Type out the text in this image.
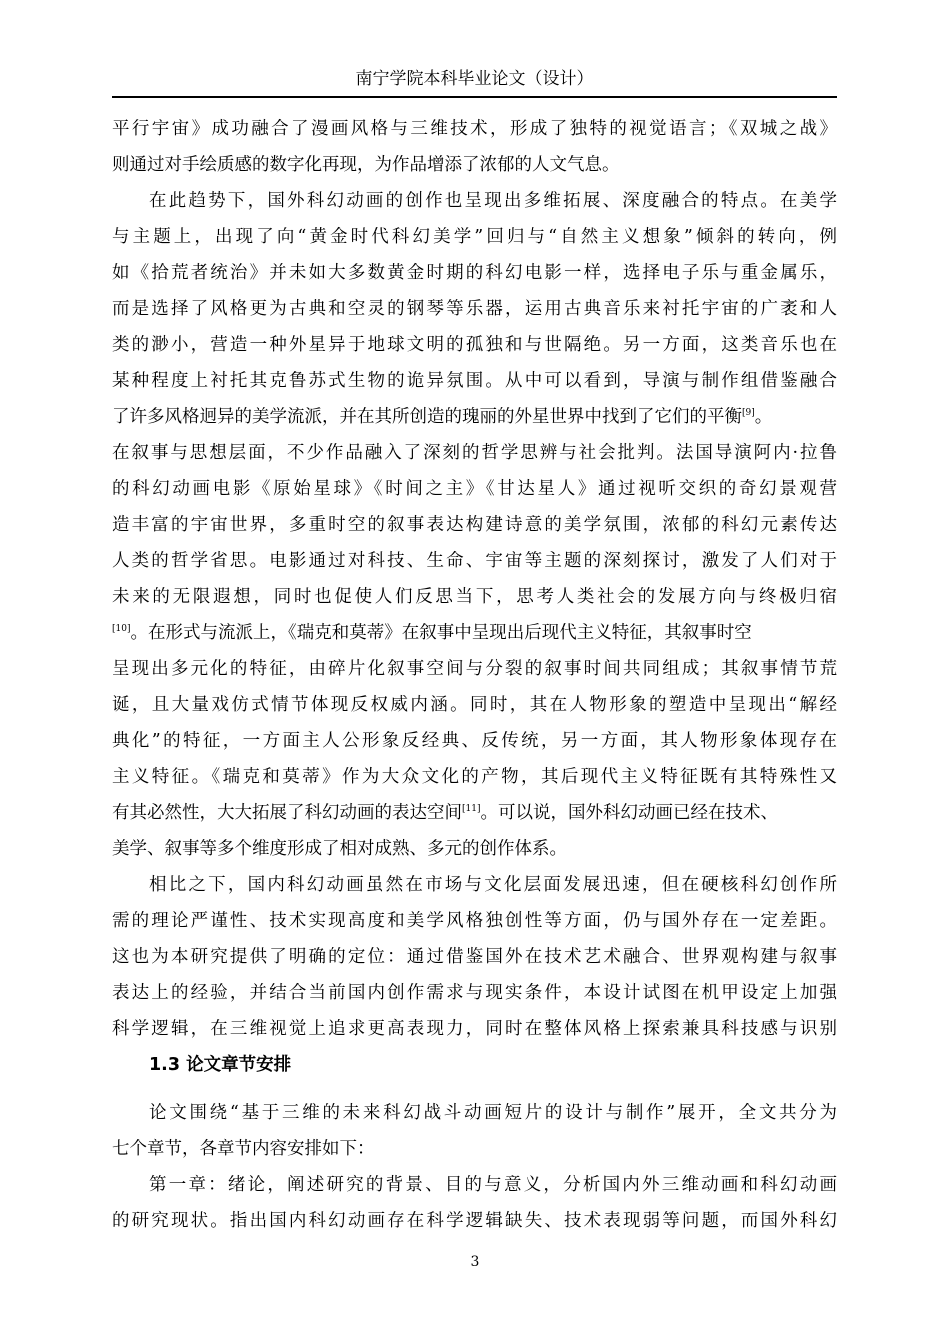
南宁学院本科毕业论文（设计）
平行宇宙》成功融合了漫画风格与三维技术，形成了独特的视觉语言；《双城之战》
则通过对手绘质感的数字化再现，为作品增添了浓郁的人文气息。
在此趋势下，国外科幻动画的创作也呈现出多维拓展、深度融合的特点。在美学
与主题上，出现了向“黄金时代科幻美学”回归与“自然主义想象”倾斜的转向，例
如《拾荒者统治》并未如大多数黄金时期的科幻电影一样，选择电子乐与重金属乐，
而是选择了风格更为古典和空灵的钢琴等乐器，运用古典音乐来衬托宇宙的广袤和人
类的渺小，营造一种外星异于地球文明的孤独和与世隔绝。另一方面，这类音乐也在
某种程度上衬托其克鲁苏式生物的诡异氛围。从中可以看到，导演与制作组借鉴融合
了许多风格迥异的美学流派，并在其所创造的瑰丽的外星世界中找到了它们的平衡[9]。
在叙事与思想层面，不少作品融入了深刻的哲学思辨与社会批判。法国导演阿内·拉鲁
的科幻动画电影《原始星球》《时间之主》《甘达星人》通过视听交织的奇幻景观营
造丰富的宇宙世界，多重时空的叙事表达构建诗意的美学氛围，浓郁的科幻元素传达
人类的哲学省思。电影通过对科技、生命、宇宙等主题的深刻探讨，激发了人们对于
未来的无限遐想，同时也促使人们反思当下，思考人类社会的发展方向与终极归宿
[10]。在形式与流派上，《瑞克和莫蒂》在叙事中呈现出后现代主义特征，其叙事时空
呈现出多元化的特征，由碎片化叙事空间与分裂的叙事时间共同组成；其叙事情节荒
诞，且大量戏仿式情节体现反权威内涵。同时，其在人物形象的塑造中呈现出“解经
典化”的特征，一方面主人公形象反经典、反传统，另一方面，其人物形象体现存在
主义特征。《瑞克和莫蒂》作为大众文化的产物，其后现代主义特征既有其特殊性又
有其必然性，大大拓展了科幻动画的表达空间[11]。可以说，国外科幻动画已经在技术、
美学、叙事等多个维度形成了相对成熟、多元的创作体系。
相比之下，国内科幻动画虽然在市场与文化层面发展迅速，但在硬核科幻创作所
需的理论严谨性、技术实现高度和美学风格独创性等方面，仍与国外存在一定差距。
这也为本研究提供了明确的定位：通过借鉴国外在技术艺术融合、世界观构建与叙事
表达上的经验，并结合当前国内创作需求与现实条件，本设计试图在机甲设定上加强
科学逻辑，在三维视觉上追求更高表现力，同时在整体风格上探索兼具科技感与识别
1.3 论文章节安排
论文围绕“基于三维的未来科幻战斗动画短片的设计与制作”展开，全文共分为
七个章节，各章节内容安排如下：
第一章：绪论，阐述研究的背景、目的与意义，分析国内外三维动画和科幻动画
的研究现状。指出国内科幻动画存在科学逻辑缺失、技术表现弱等问题，而国外科幻
3
